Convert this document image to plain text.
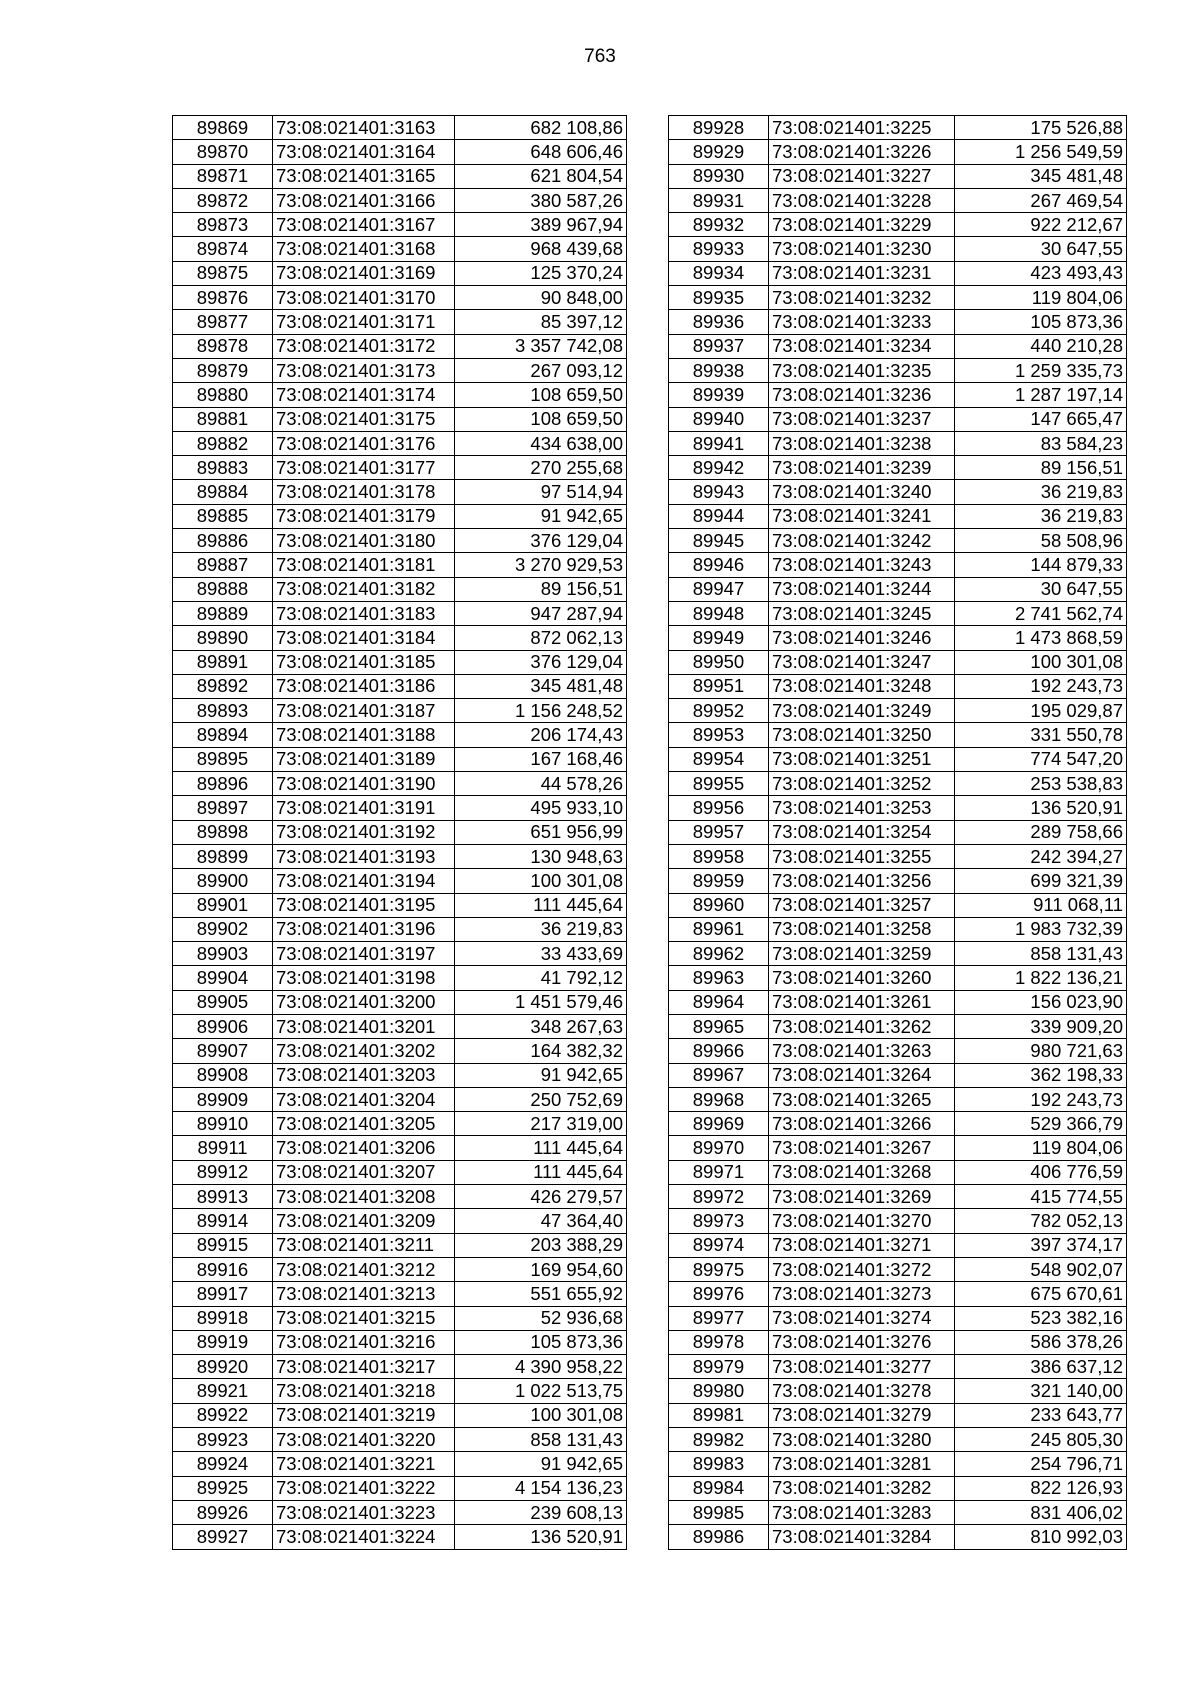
763
89869	73:08:021401:3163	682 108,86
89870	73:08:021401:3164	648 606,46
89871	73:08:021401:3165	621 804,54
89872	73:08:021401:3166	380 587,26
89873	73:08:021401:3167	389 967,94
89874	73:08:021401:3168	968 439,68
89875	73:08:021401:3169	125 370,24
89876	73:08:021401:3170	90 848,00
89877	73:08:021401:3171	85 397,12
89878	73:08:021401:3172	3 357 742,08
89879	73:08:021401:3173	267 093,12
89880	73:08:021401:3174	108 659,50
89881	73:08:021401:3175	108 659,50
89882	73:08:021401:3176	434 638,00
89883	73:08:021401:3177	270 255,68
89884	73:08:021401:3178	97 514,94
89885	73:08:021401:3179	91 942,65
89886	73:08:021401:3180	376 129,04
89887	73:08:021401:3181	3 270 929,53
89888	73:08:021401:3182	89 156,51
89889	73:08:021401:3183	947 287,94
89890	73:08:021401:3184	872 062,13
89891	73:08:021401:3185	376 129,04
89892	73:08:021401:3186	345 481,48
89893	73:08:021401:3187	1 156 248,52
89894	73:08:021401:3188	206 174,43
89895	73:08:021401:3189	167 168,46
89896	73:08:021401:3190	44 578,26
89897	73:08:021401:3191	495 933,10
89898	73:08:021401:3192	651 956,99
89899	73:08:021401:3193	130 948,63
89900	73:08:021401:3194	100 301,08
89901	73:08:021401:3195	111 445,64
89902	73:08:021401:3196	36 219,83
89903	73:08:021401:3197	33 433,69
89904	73:08:021401:3198	41 792,12
89905	73:08:021401:3200	1 451 579,46
89906	73:08:021401:3201	348 267,63
89907	73:08:021401:3202	164 382,32
89908	73:08:021401:3203	91 942,65
89909	73:08:021401:3204	250 752,69
89910	73:08:021401:3205	217 319,00
89911	73:08:021401:3206	111 445,64
89912	73:08:021401:3207	111 445,64
89913	73:08:021401:3208	426 279,57
89914	73:08:021401:3209	47 364,40
89915	73:08:021401:3211	203 388,29
89916	73:08:021401:3212	169 954,60
89917	73:08:021401:3213	551 655,92
89918	73:08:021401:3215	52 936,68
89919	73:08:021401:3216	105 873,36
89920	73:08:021401:3217	4 390 958,22
89921	73:08:021401:3218	1 022 513,75
89922	73:08:021401:3219	100 301,08
89923	73:08:021401:3220	858 131,43
89924	73:08:021401:3221	91 942,65
89925	73:08:021401:3222	4 154 136,23
89926	73:08:021401:3223	239 608,13
89927	73:08:021401:3224	136 520,91
89928	73:08:021401:3225	175 526,88
89929	73:08:021401:3226	1 256 549,59
89930	73:08:021401:3227	345 481,48
89931	73:08:021401:3228	267 469,54
89932	73:08:021401:3229	922 212,67
89933	73:08:021401:3230	30 647,55
89934	73:08:021401:3231	423 493,43
89935	73:08:021401:3232	119 804,06
89936	73:08:021401:3233	105 873,36
89937	73:08:021401:3234	440 210,28
89938	73:08:021401:3235	1 259 335,73
89939	73:08:021401:3236	1 287 197,14
89940	73:08:021401:3237	147 665,47
89941	73:08:021401:3238	83 584,23
89942	73:08:021401:3239	89 156,51
89943	73:08:021401:3240	36 219,83
89944	73:08:021401:3241	36 219,83
89945	73:08:021401:3242	58 508,96
89946	73:08:021401:3243	144 879,33
89947	73:08:021401:3244	30 647,55
89948	73:08:021401:3245	2 741 562,74
89949	73:08:021401:3246	1 473 868,59
89950	73:08:021401:3247	100 301,08
89951	73:08:021401:3248	192 243,73
89952	73:08:021401:3249	195 029,87
89953	73:08:021401:3250	331 550,78
89954	73:08:021401:3251	774 547,20
89955	73:08:021401:3252	253 538,83
89956	73:08:021401:3253	136 520,91
89957	73:08:021401:3254	289 758,66
89958	73:08:021401:3255	242 394,27
89959	73:08:021401:3256	699 321,39
89960	73:08:021401:3257	911 068,11
89961	73:08:021401:3258	1 983 732,39
89962	73:08:021401:3259	858 131,43
89963	73:08:021401:3260	1 822 136,21
89964	73:08:021401:3261	156 023,90
89965	73:08:021401:3262	339 909,20
89966	73:08:021401:3263	980 721,63
89967	73:08:021401:3264	362 198,33
89968	73:08:021401:3265	192 243,73
89969	73:08:021401:3266	529 366,79
89970	73:08:021401:3267	119 804,06
89971	73:08:021401:3268	406 776,59
89972	73:08:021401:3269	415 774,55
89973	73:08:021401:3270	782 052,13
89974	73:08:021401:3271	397 374,17
89975	73:08:021401:3272	548 902,07
89976	73:08:021401:3273	675 670,61
89977	73:08:021401:3274	523 382,16
89978	73:08:021401:3276	586 378,26
89979	73:08:021401:3277	386 637,12
89980	73:08:021401:3278	321 140,00
89981	73:08:021401:3279	233 643,77
89982	73:08:021401:3280	245 805,30
89983	73:08:021401:3281	254 796,71
89984	73:08:021401:3282	822 126,93
89985	73:08:021401:3283	831 406,02
89986	73:08:021401:3284	810 992,03
